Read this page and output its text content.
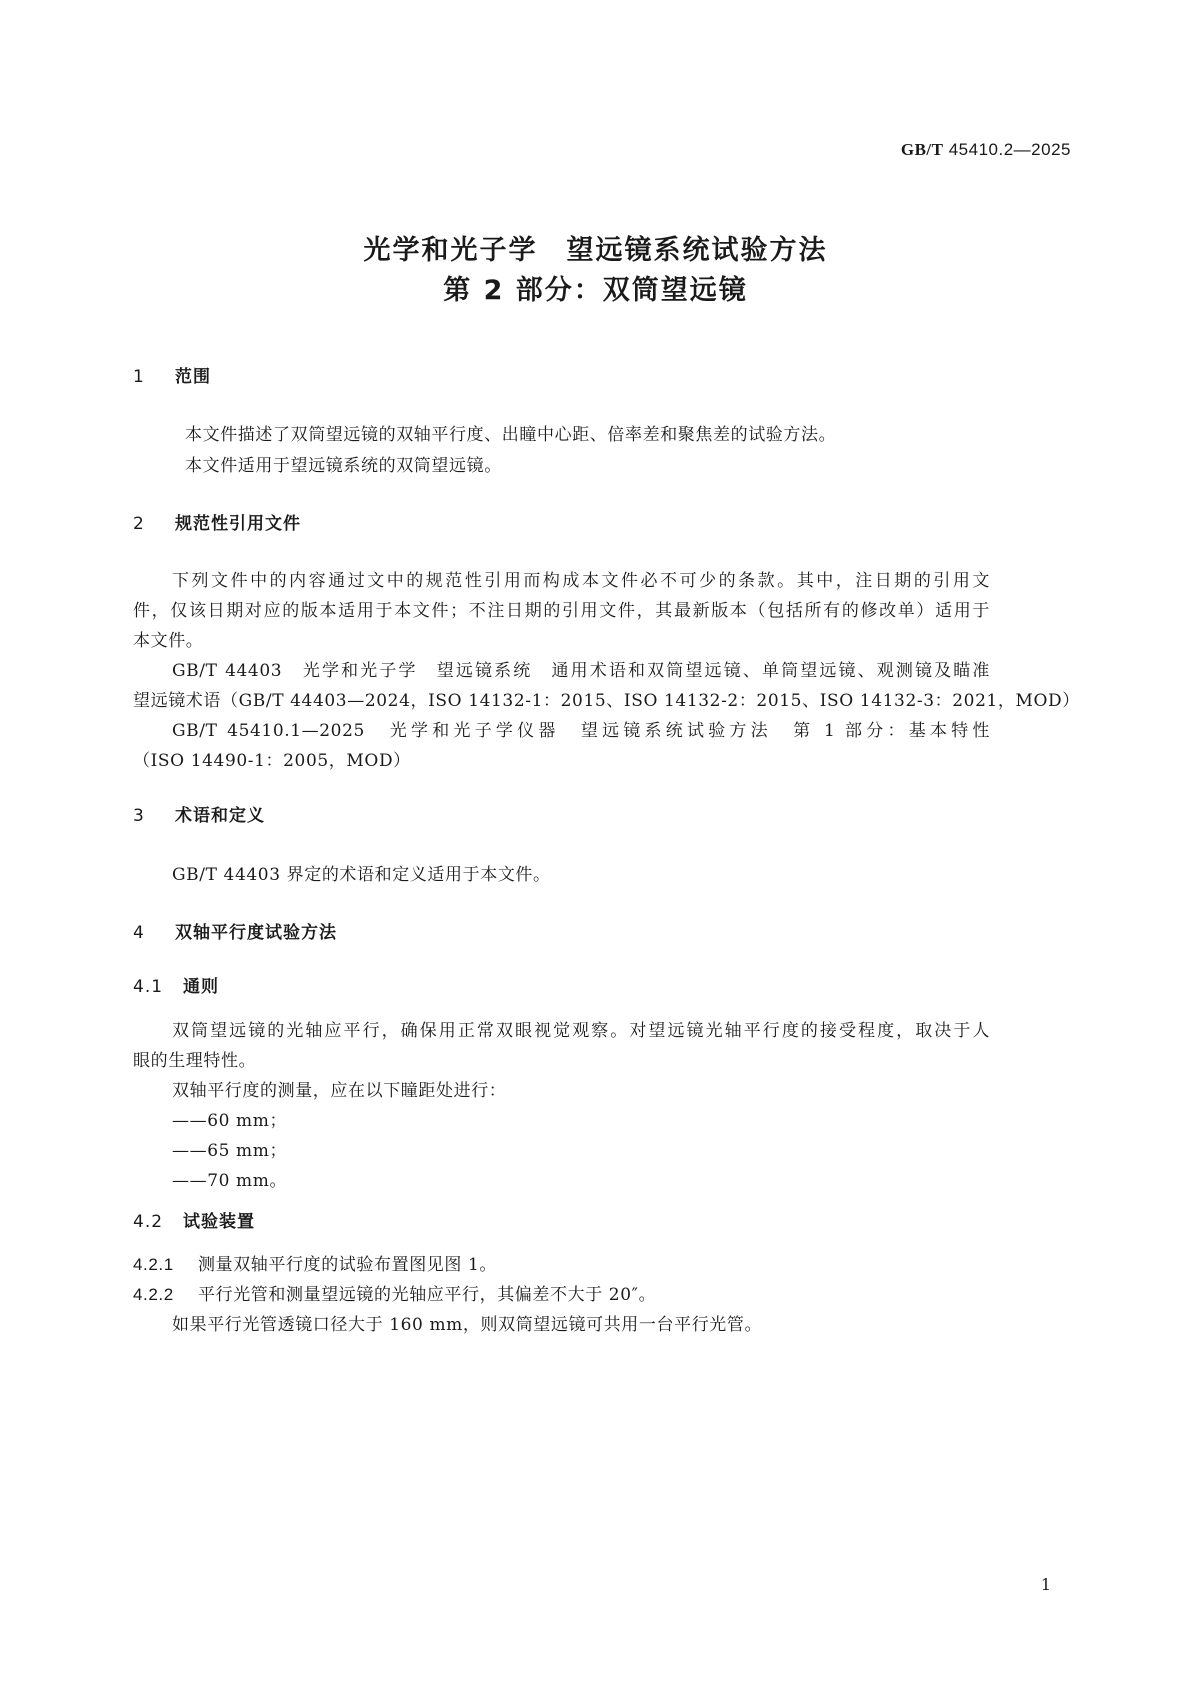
GB/T 45410.2—2025
光学和光子学　望远镜系统试验方法
第 2 部分：双筒望远镜
1 范围
本文件描述了双筒望远镜的双轴平行度、出瞳中心距、倍率差和聚焦差的试验方法。
本文件适用于望远镜系统的双筒望远镜。
2 规范性引用文件
下列文件中的内容通过文中的规范性引用而构成本文件必不可少的条款。其中，注日期的引用文
件，仅该日期对应的版本适用于本文件；不注日期的引用文件，其最新版本（包括所有的修改单）适用于
本文件。
GB/T 44403　光学和光子学　望远镜系统　通用术语和双筒望远镜、单筒望远镜、观测镜及瞄准
望远镜术语（GB/T 44403—2024，ISO 14132-1：2015、ISO 14132-2：2015、ISO 14132-3：2021，MOD）
GB/T 45410.1—2025　光学和光子学仪器　望远镜系统试验方法　第 1 部分：基本特性
（ISO 14490-1：2005，MOD）
3 术语和定义
GB/T 44403 界定的术语和定义适用于本文件。
4 双轴平行度试验方法
4.1 通则
双筒望远镜的光轴应平行，确保用正常双眼视觉观察。对望远镜光轴平行度的接受程度，取决于人
眼的生理特性。
双轴平行度的测量，应在以下瞳距处进行：
——60 mm；
——65 mm；
——70 mm。
4.2 试验装置
4.2.1 测量双轴平行度的试验布置图见图 1。
4.2.2 平行光管和测量望远镜的光轴应平行，其偏差不大于 20″。
如果平行光管透镜口径大于 160 mm，则双筒望远镜可共用一台平行光管。
1
